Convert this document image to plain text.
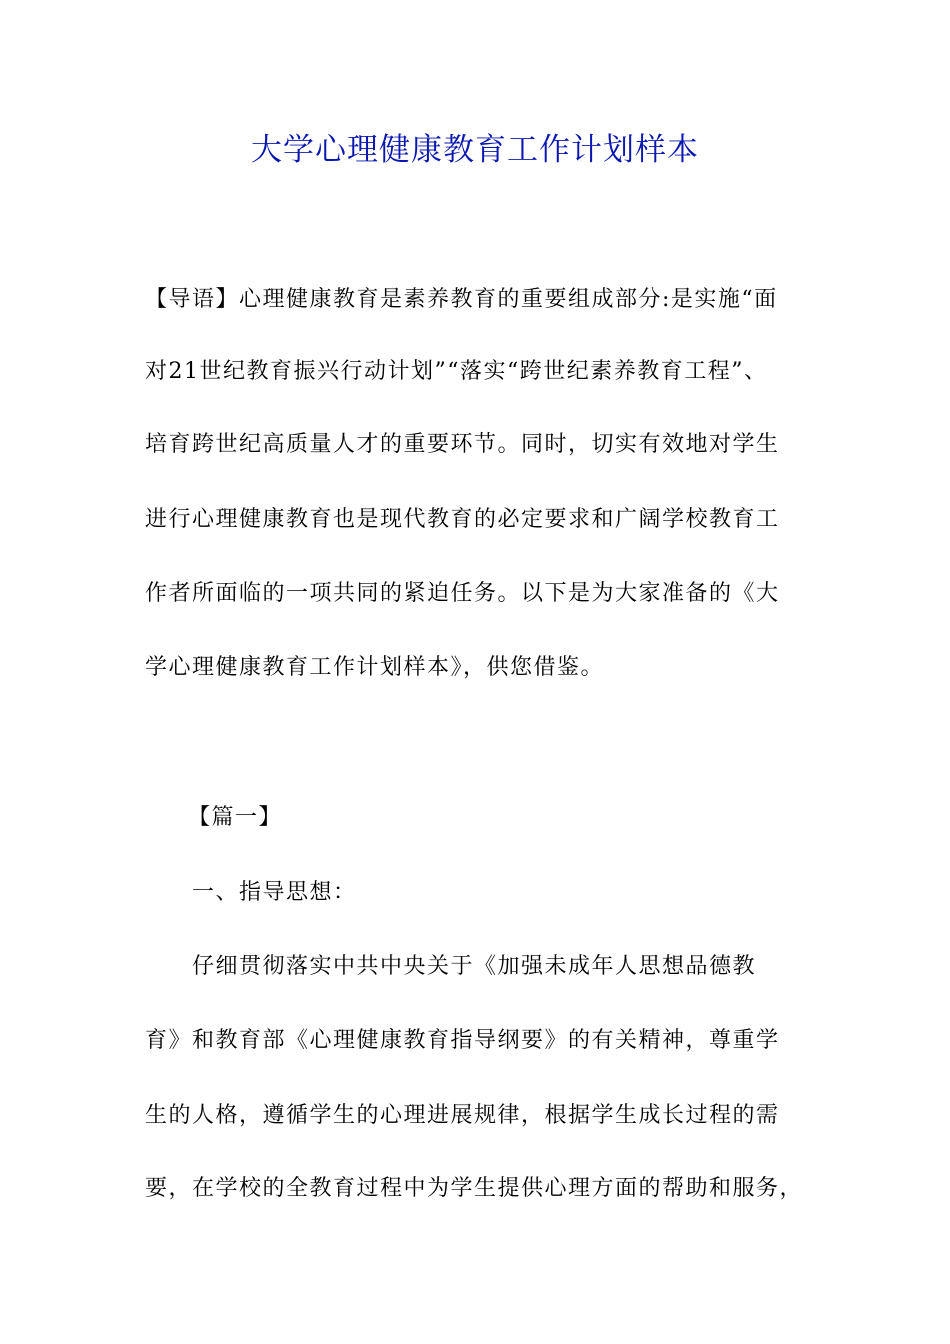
大学心理健康教育工作计划样本
【导语】心理健康教育是素养教育的重要组成部分:是实施“面
对21世纪教育振兴行动计划”“落实“跨世纪素养教育工程”、
培育跨世纪高质量人才的重要环节。同时，切实有效地对学生
进行心理健康教育也是现代教育的必定要求和广阔学校教育工
作者所面临的一项共同的紧迫任务。以下是为大家准备的《大
学心理健康教育工作计划样本》，供您借鉴。
【篇一】
一、指导思想：
仔细贯彻落实中共中央关于《加强未成年人思想品德教
育》和教育部《心理健康教育指导纲要》的有关精神，尊重学
生的人格，遵循学生的心理进展规律，根据学生成长过程的需
要，在学校的全教育过程中为学生提供心理方面的帮助和服务，
